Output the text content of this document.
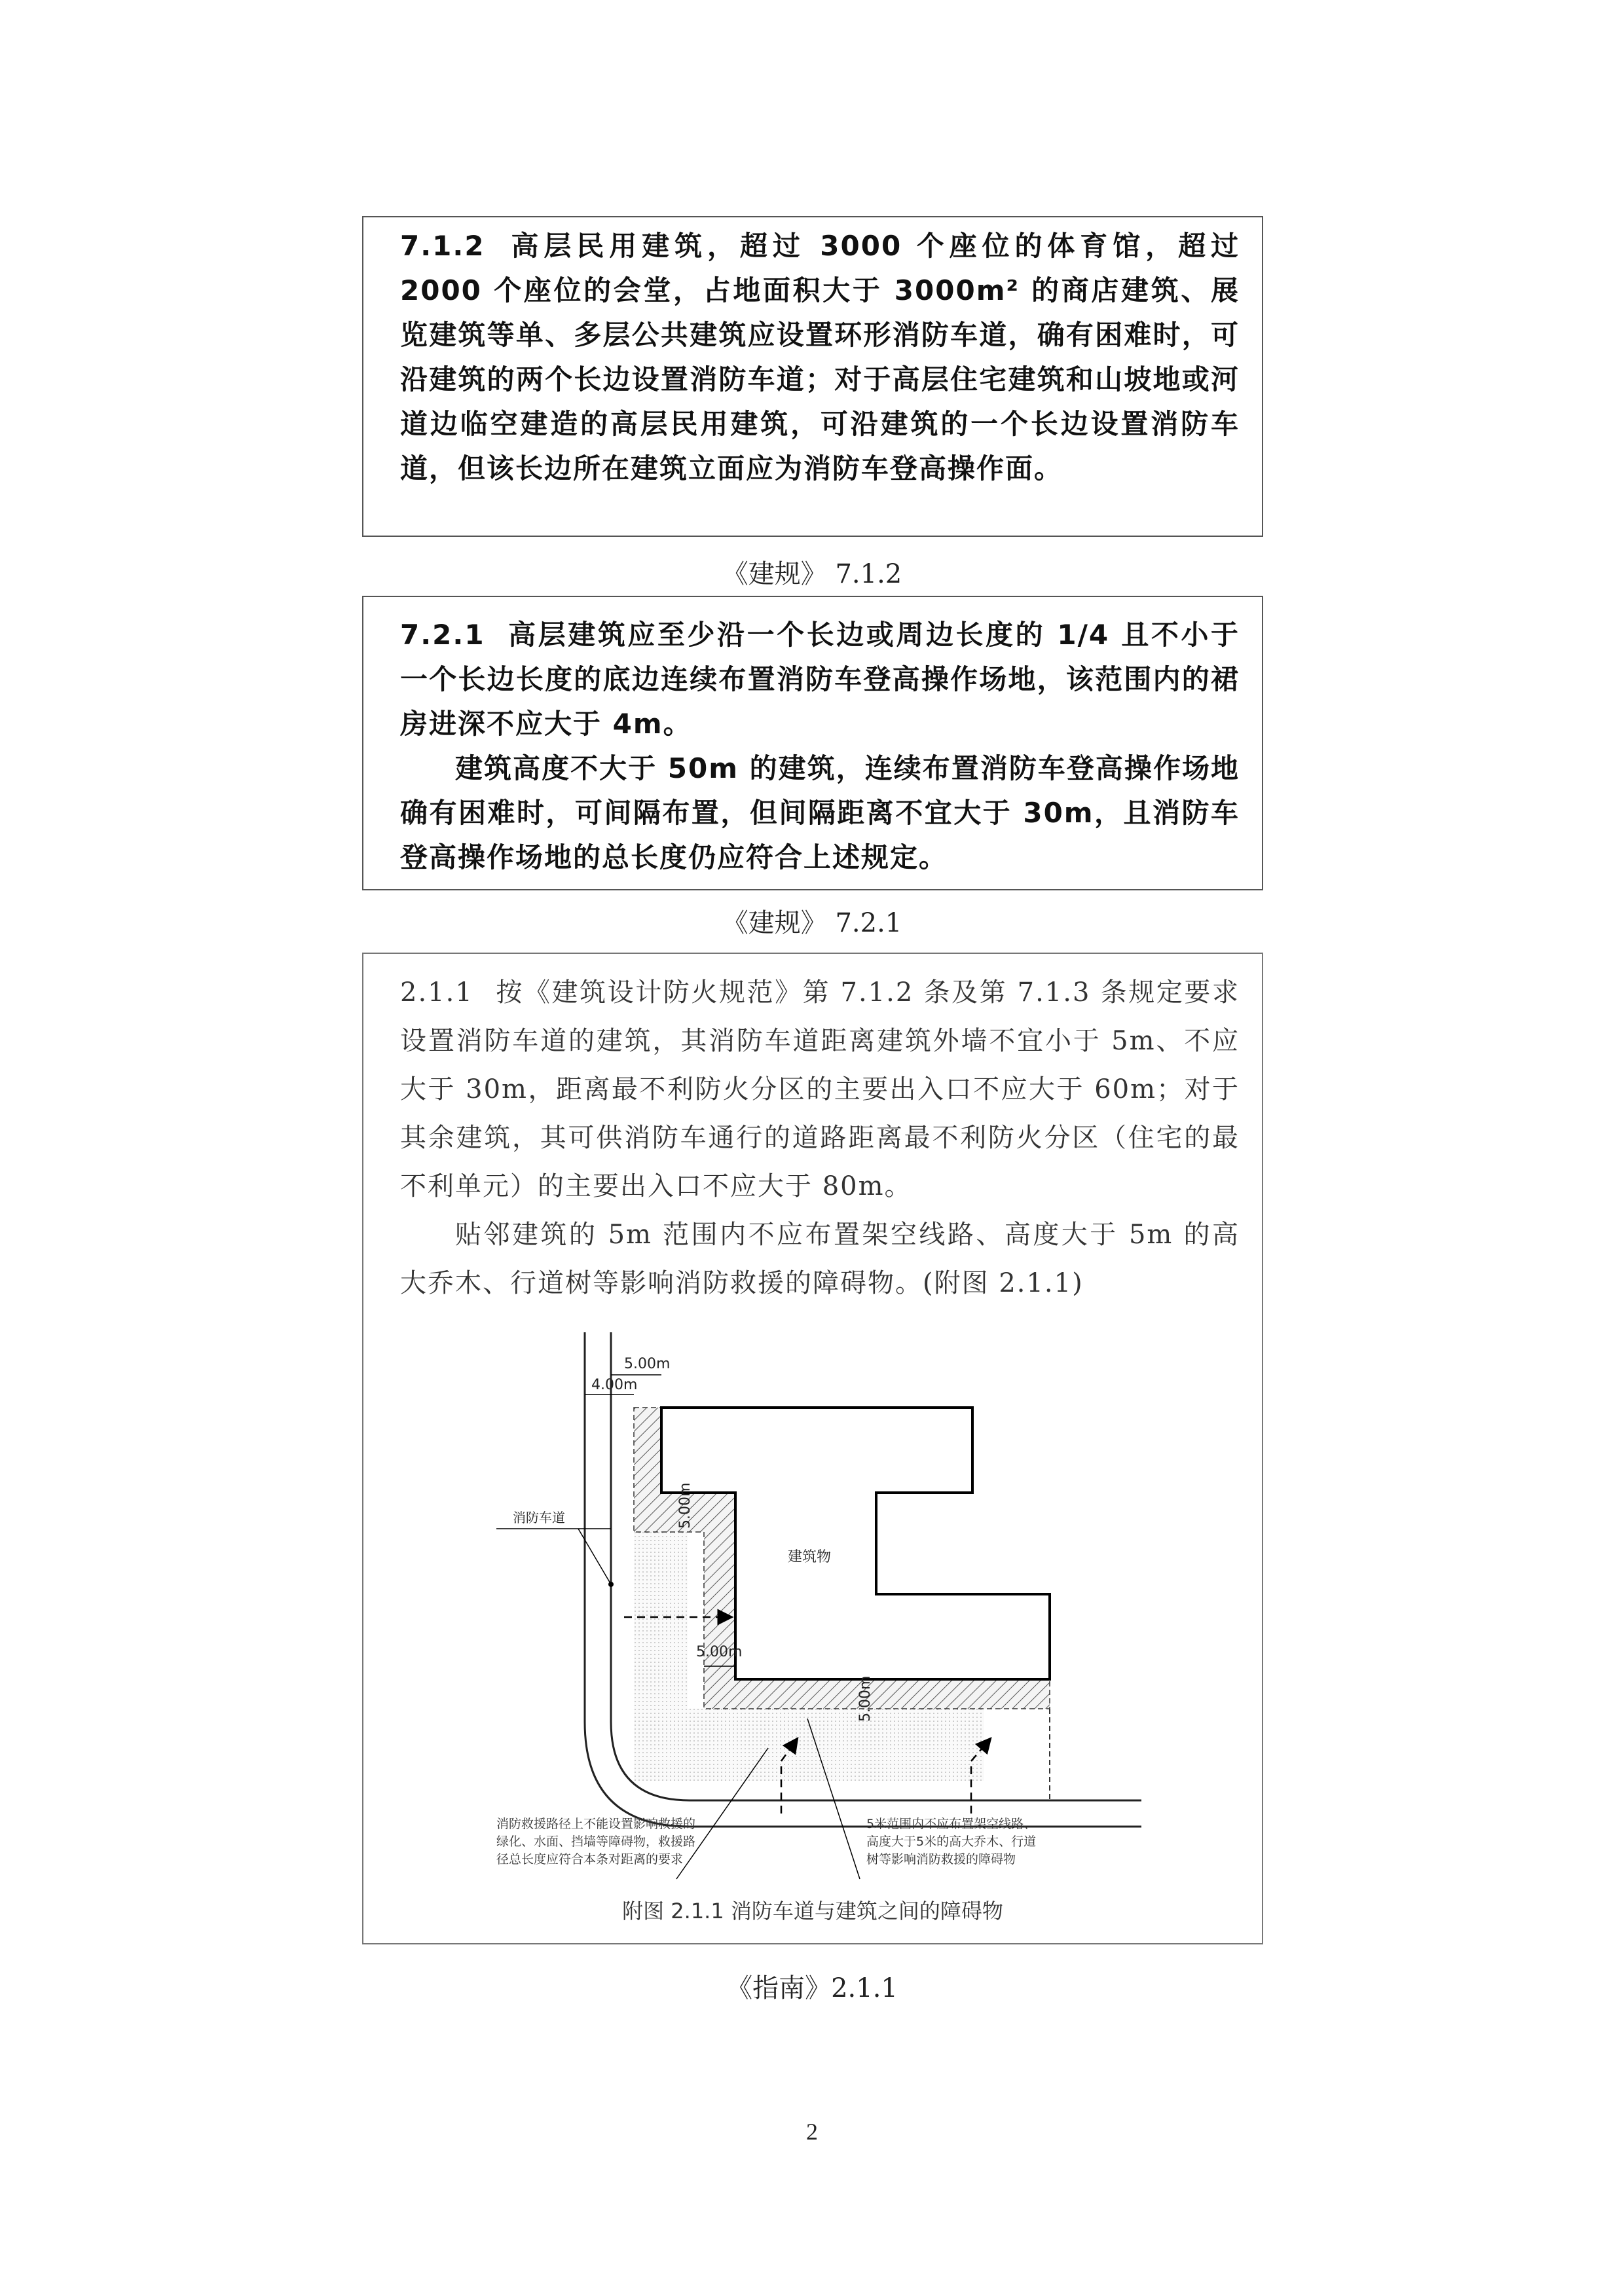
7.1.2 高层民用建筑，超过 3000 个座位的体育馆，超过 2000 个座位的会堂，占地面积大于 3000m² 的商店建筑、展览建筑等单、多层公共建筑应设置环形消防车道，确有困难时，可沿建筑的两个长边设置消防车道；对于高层住宅建筑和山坡地或河道边临空建造的高层民用建筑，可沿建筑的一个长边设置消防车道，但该长边所在建筑立面应为消防车登高操作面。

《建规》 7.1.2

7.2.1 高层建筑应至少沿一个长边或周边长度的 1/4 且不小于一个长边长度的底边连续布置消防车登高操作场地，该范围内的裙房进深不应大于 4m。

建筑高度不大于 50m 的建筑，连续布置消防车登高操作场地确有困难时，可间隔布置，但间隔距离不宜大于 30m，且消防车登高操作场地的总长度仍应符合上述规定。

《建规》 7.2.1

2.1.1 按《建筑设计防火规范》第 7.1.2 条及第 7.1.3 条规定要求设置消防车道的建筑，其消防车道距离建筑外墙不宜小于 5m、不应大于 30m，距离最不利防火分区的主要出入口不应大于 60m；对于其余建筑，其可供消防车通行的道路距离最不利防火分区（住宅的最不利单元）的主要出入口不应大于 80m。

贴邻建筑的 5m 范围内不应布置架空线路、高度大于 5m 的高大乔木、行道树等影响消防救援的障碍物。(附图 2.1.1)

建筑物
消防车道
5.00m
4.00m
5.00m
5.00m
5.00m
消防救援路径上不能设置影响救援的 绿化、水面、挡墙等障碍物，救援路 径总长度应符合本条对距离的要求
5米范围内不应布置架空线路、 高度大于5米的高大乔木、行道 树等影响消防救援的障碍物
附图 2.1.1 消防车道与建筑之间的障碍物
《指南》2.1.1
2
